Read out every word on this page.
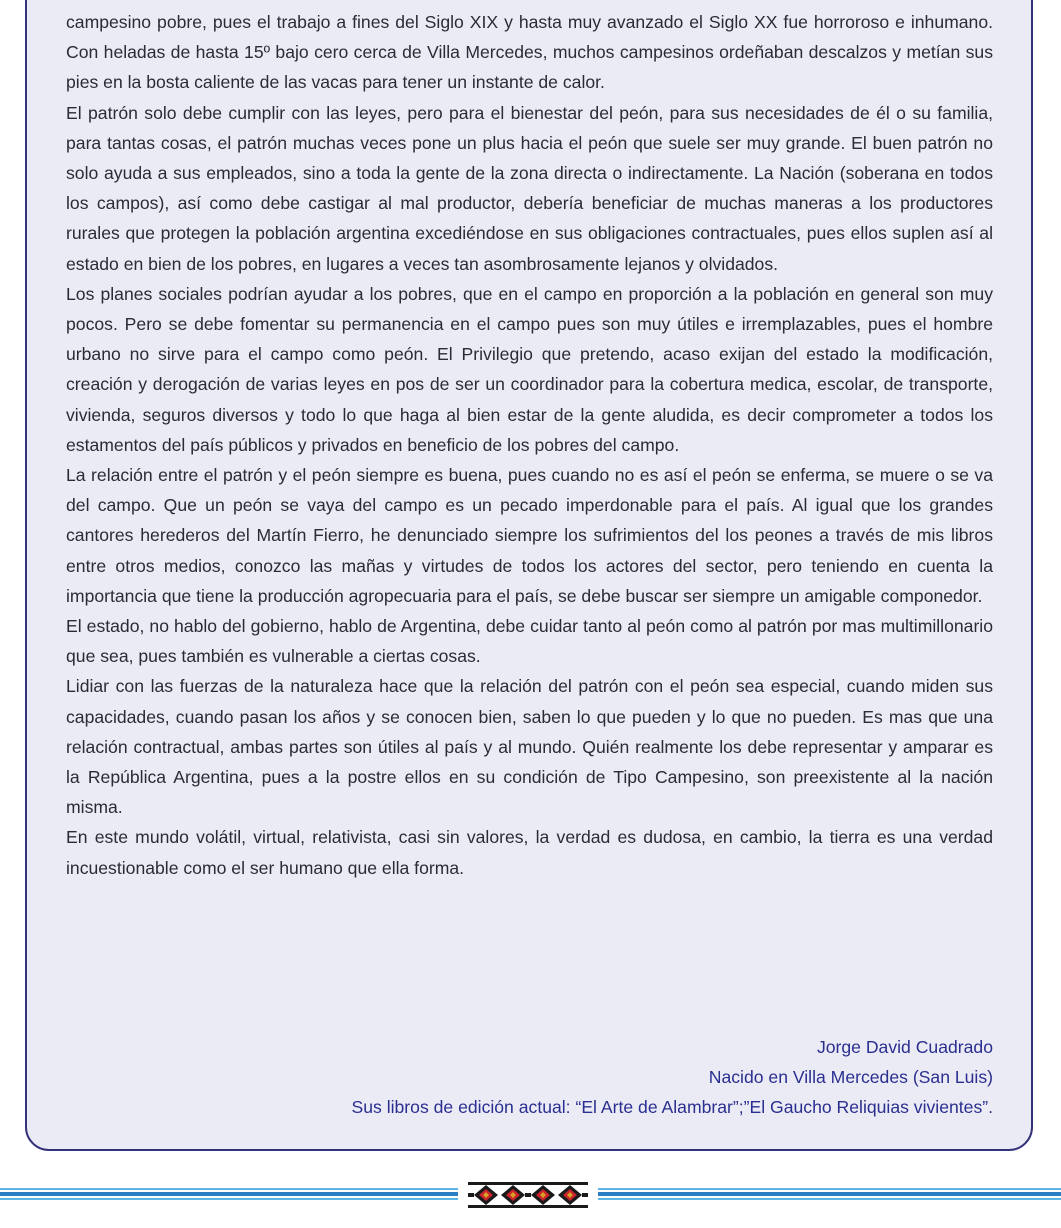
campesino pobre, pues el trabajo a fines del Siglo XIX y hasta muy avanzado el Siglo XX fue horroroso e inhumano. Con heladas de hasta 15º bajo cero cerca de Villa Mercedes, muchos campesinos ordeñaban descalzos y metían sus pies en la bosta caliente de las vacas para tener un instante de calor.

El patrón solo debe cumplir con las leyes, pero para el bienestar del peón, para sus necesidades de él o su familia, para tantas cosas, el patrón muchas veces pone un plus hacia el peón que suele ser muy grande. El buen patrón no solo ayuda a sus empleados, sino a toda la gente de la zona directa o indirectamente. La Nación (soberana en todos los campos), así como debe castigar al mal productor, debería beneficiar de muchas maneras a los productores rurales que protegen la población argentina excediéndose en sus obligaciones contractuales, pues ellos suplen así al estado en bien de los pobres, en lugares a veces tan asombrosamente lejanos y olvidados.

Los planes sociales podrían ayudar a los pobres, que en el campo en proporción a la población en general son muy pocos. Pero se debe fomentar su permanencia en el campo pues son muy útiles e irremplazables, pues el hombre urbano no sirve para el campo como peón. El Privilegio que pretendo, acaso exijan del estado la modificación, creación y derogación de varias leyes en pos de ser un coordinador para la cobertura medica, escolar, de transporte, vivienda, seguros diversos y todo lo que haga al bien estar de la gente aludida, es decir comprometer a todos los estamentos del país públicos y privados en beneficio de los pobres del campo.

La relación entre el patrón y el peón siempre es buena, pues cuando no es así el peón se enferma, se muere o se va del campo. Que un peón se vaya del campo es un pecado imperdonable para el país. Al igual que los grandes cantores herederos del Martín Fierro, he denunciado siempre los sufrimientos del los peones a través de mis libros entre otros medios, conozco las mañas y virtudes de todos los actores del sector, pero teniendo en cuenta la importancia que tiene la producción agropecuaria para el país, se debe buscar ser siempre un amigable componedor.

El estado, no hablo del gobierno, hablo de Argentina, debe cuidar tanto al peón como al patrón por mas multimillonario que sea, pues también es vulnerable a ciertas cosas.

Lidiar con las fuerzas de la naturaleza hace que la relación del patrón con el peón sea especial, cuando miden sus capacidades, cuando pasan los años y se conocen bien, saben lo que pueden y lo que no pueden. Es mas que una relación contractual, ambas partes son útiles al país y al mundo. Quién realmente los debe representar y amparar es la República Argentina, pues a la postre ellos en su condición de Tipo Campesino, son preexistente al la nación misma.

En este mundo volátil, virtual, relativista, casi sin valores, la verdad es dudosa, en cambio, la tierra es una verdad incuestionable como el ser humano que ella forma.

Jorge David Cuadrado
Nacido en Villa Mercedes (San Luis)
Sus libros de edición actual: “El Arte de Alambrar”;”El Gaucho Reliquias vivientes”.
